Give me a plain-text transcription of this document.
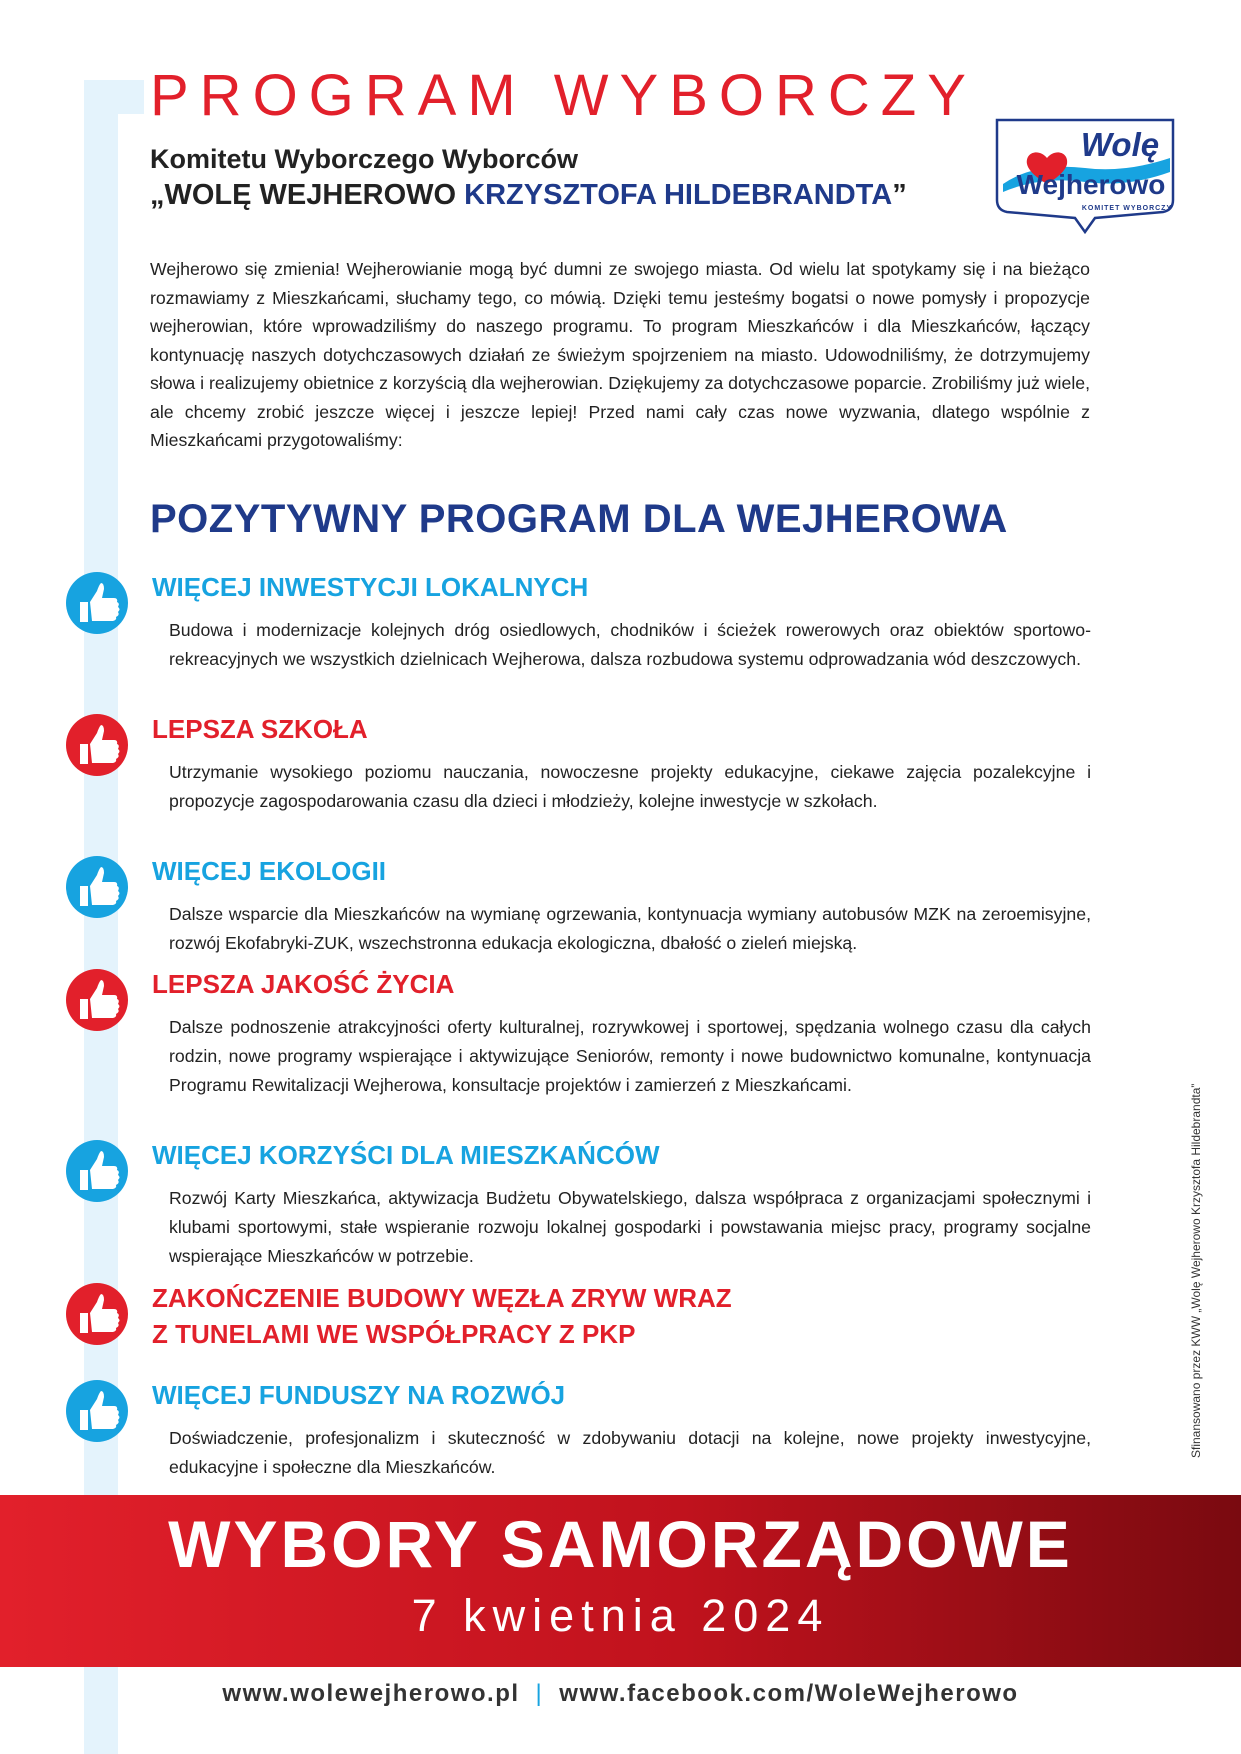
PROGRAM WYBORCZY
Komitetu Wyborczego Wyborców
„WOLĘ WEJHEROWO KRZYSZTOFA HILDEBRANDTA”
Wolę
Wejherowo
KOMITET WYBORCZY

Wejherowo się zmienia! Wejherowianie mogą być dumni ze swojego miasta. Od wielu lat spotykamy się i na bieżąco rozmawiamy z Mieszkańcami, słuchamy tego, co mówią. Dzięki temu jesteśmy bogatsi o nowe pomysły i propozycje wejherowian, które wprowadziliśmy do naszego programu. To program Mieszkańców i dla Mieszkańców, łączący kontynuację naszych dotychczasowych działań ze świeżym spojrzeniem na miasto. Udowodniliśmy, że dotrzymujemy słowa i realizujemy obietnice z korzyścią dla wejherowian. Dziękujemy za dotychczasowe poparcie. Zrobiliśmy już wiele, ale chcemy zrobić jeszcze więcej i jeszcze lepiej! Przed nami cały czas nowe wyzwania, dlatego wspólnie z Mieszkańcami przygotowaliśmy:

POZYTYWNY PROGRAM DLA WEJHEROWA
WIĘCEJ INWESTYCJI LOKALNYCH

Budowa i modernizacje kolejnych dróg osiedlowych, chodników i ścieżek rowerowych oraz obiektów sportowo-rekreacyjnych we wszystkich dzielnicach Wejherowa, dalsza rozbudowa systemu odprowadzania wód deszczowych.

LEPSZA SZKOŁA

Utrzymanie wysokiego poziomu nauczania, nowoczesne projekty edukacyjne, ciekawe zajęcia pozalekcyjne i propozycje zagospodarowania czasu dla dzieci i młodzieży, kolejne inwestycje w szkołach.

WIĘCEJ EKOLOGII

Dalsze wsparcie dla Mieszkańców na wymianę ogrzewania, kontynuacja wymiany autobusów MZK na zeroemisyjne, rozwój Ekofabryki-ZUK, wszechstronna edukacja ekologiczna, dbałość o zieleń miejską.

LEPSZA JAKOŚĆ ŻYCIA

Dalsze podnoszenie atrakcyjności oferty kulturalnej, rozrywkowej i sportowej, spędzania wolnego czasu dla całych rodzin, nowe programy wspierające i aktywizujące Seniorów, remonty i nowe budownictwo komunalne, kontynuacja Programu Rewitalizacji Wejherowa, konsultacje projektów i zamierzeń z Mieszkańcami.

WIĘCEJ KORZYŚCI DLA MIESZKAŃCÓW

Rozwój Karty Mieszkańca, aktywizacja Budżetu Obywatelskiego, dalsza współpraca z organizacjami społecznymi i klubami sportowymi, stałe wspieranie rozwoju lokalnej gospodarki i powstawania miejsc pracy, programy socjalne wspierające Mieszkańców w potrzebie.

ZAKOŃCZENIE BUDOWY WĘZŁA ZRYW WRAZ
Z TUNELAMI WE WSPÓŁPRACY Z PKP
WIĘCEJ FUNDUSZY NA ROZWÓJ

Doświadczenie, profesjonalizm i skuteczność w zdobywaniu dotacji na kolejne, nowe projekty inwestycyjne, edukacyjne i społeczne dla Mieszkańców.

WYBORY SAMORZĄDOWE
7 kwietnia 2024
www.wolewejherowo.pl | www.facebook.com/WoleWejherowo
Sfinansowano przez KWW „Wolę Wejherowo Krzysztofa Hildebrandta”
